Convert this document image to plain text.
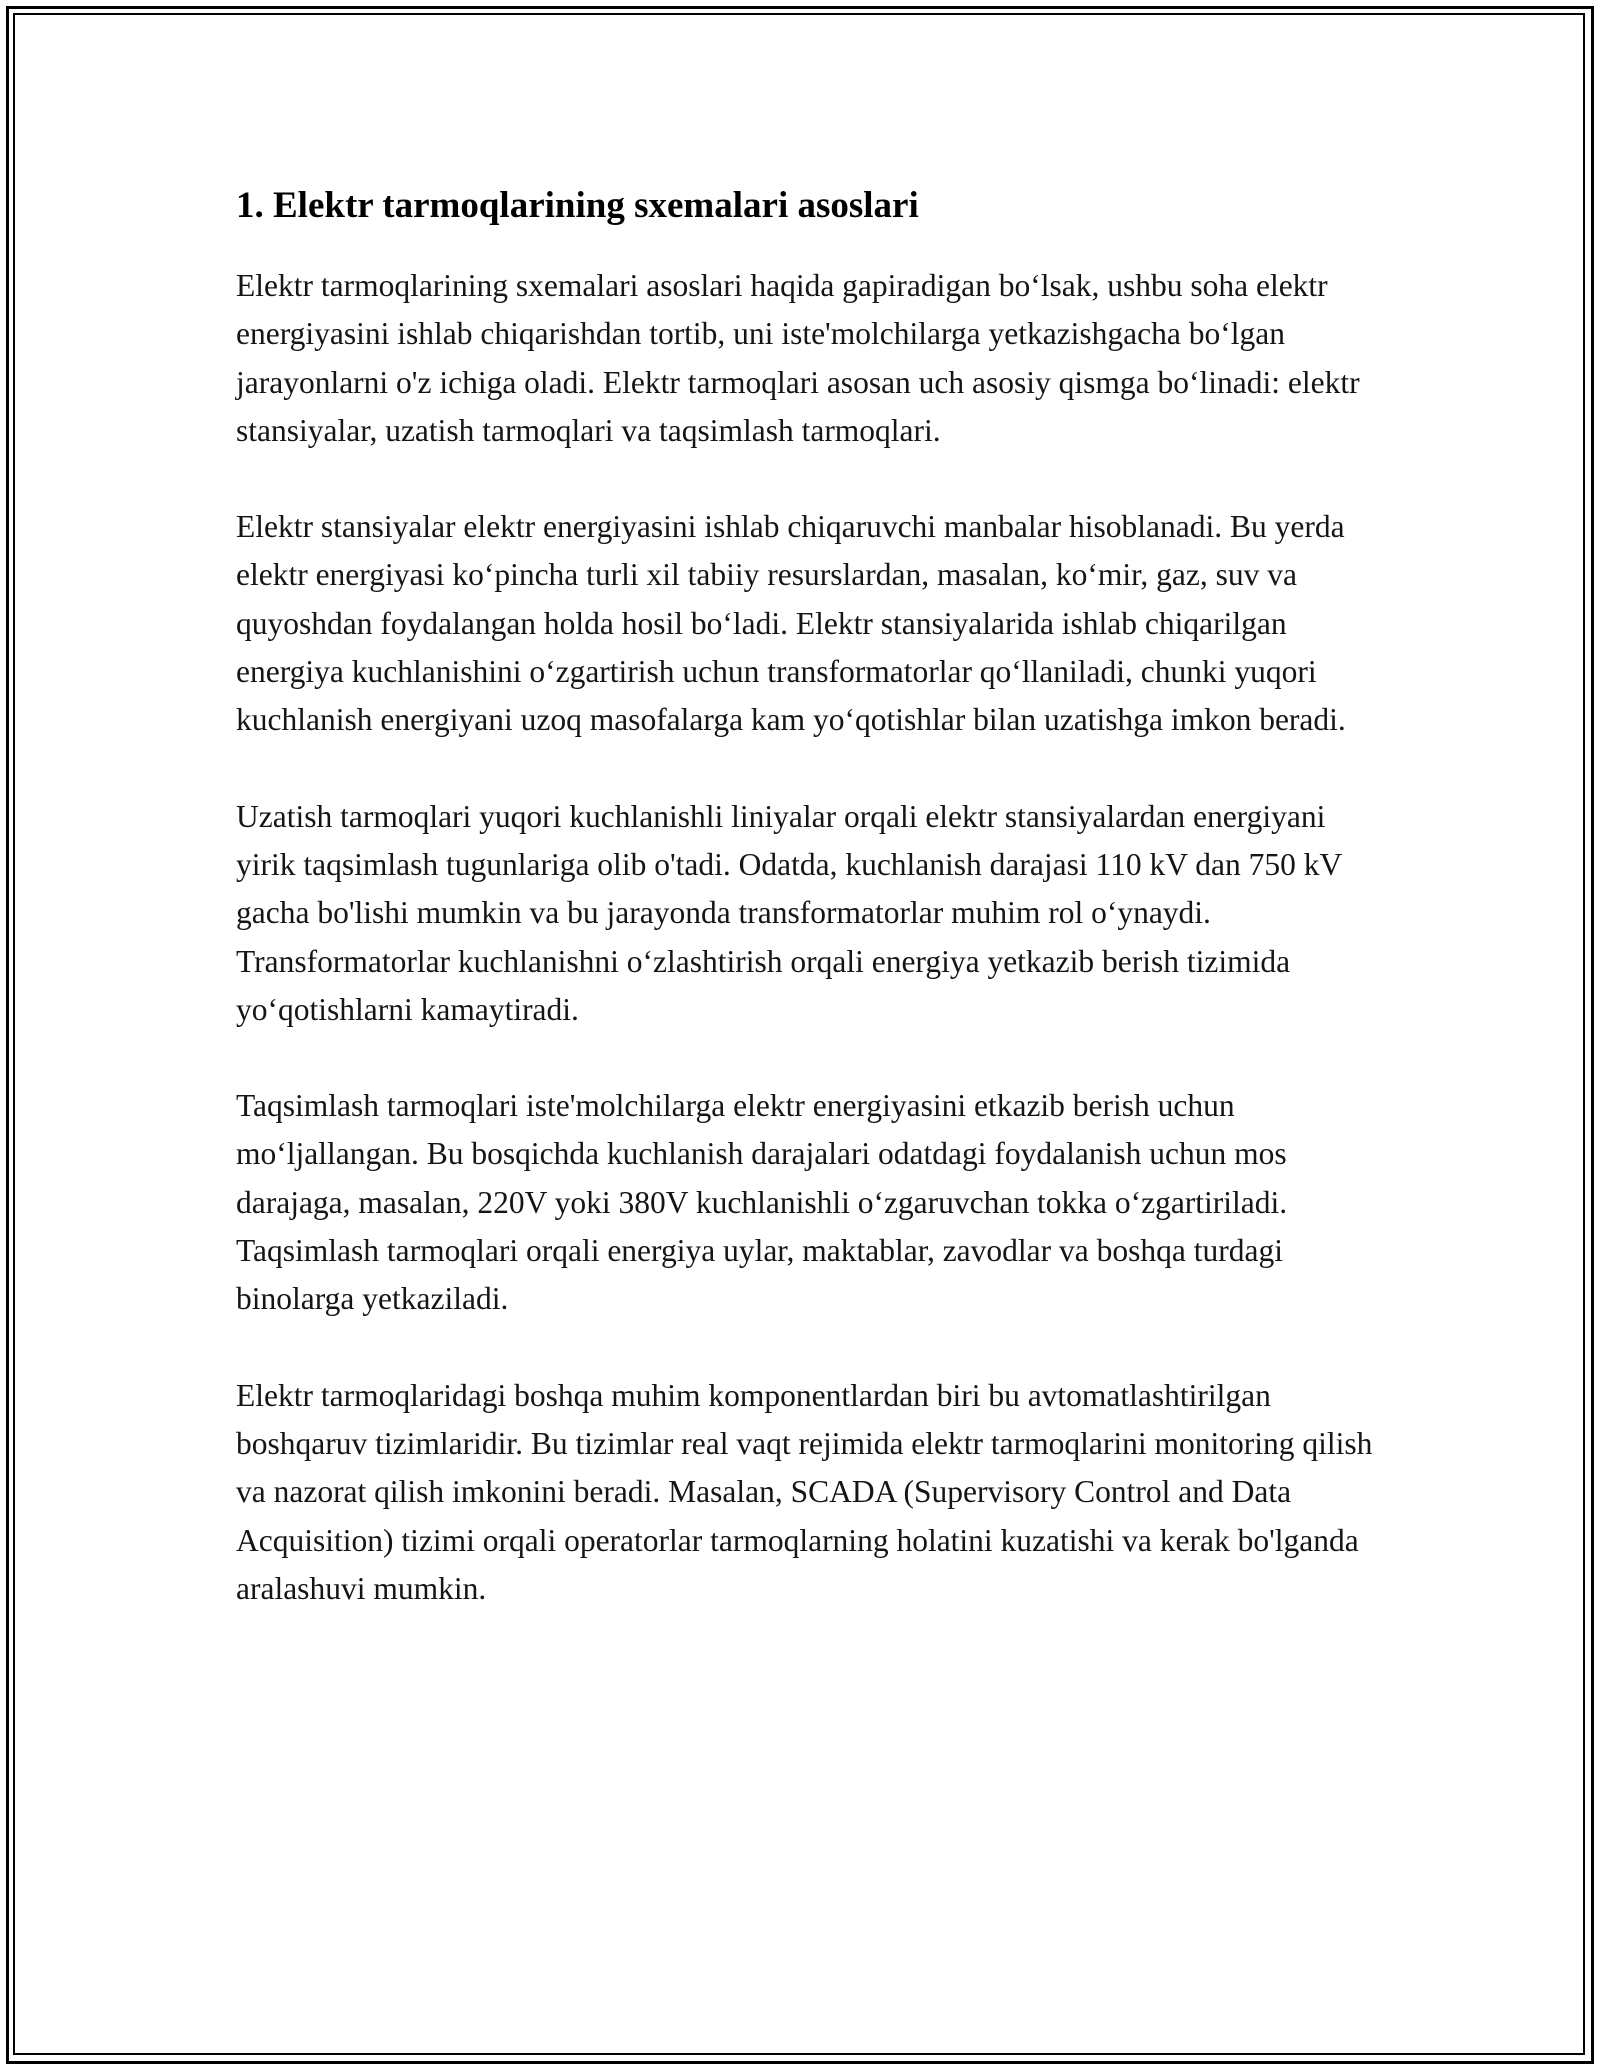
1. Elektr tarmoqlarining sxemalari asoslari

Elektr tarmoqlarining sxemalari asoslari haqida gapiradigan bo‘lsak, ushbu soha elektr energiyasini ishlab chiqarishdan tortib, uni iste'molchilarga yetkazishgacha bo‘lgan jarayonlarni o'z ichiga oladi. Elektr tarmoqlari asosan uch asosiy qismga bo‘linadi: elektr stansiyalar, uzatish tarmoqlari va taqsimlash tarmoqlari.

Elektr stansiyalar elektr energiyasini ishlab chiqaruvchi manbalar hisoblanadi. Bu yerda elektr energiyasi ko‘pincha turli xil tabiiy resurslardan, masalan, ko‘mir, gaz, suv va quyoshdan foydalangan holda hosil bo‘ladi. Elektr stansiyalarida ishlab chiqarilgan energiya kuchlanishini o‘zgartirish uchun transformatorlar qo‘llaniladi, chunki yuqori kuchlanish energiyani uzoq masofalarga kam yo‘qotishlar bilan uzatishga imkon beradi.

Uzatish tarmoqlari yuqori kuchlanishli liniyalar orqali elektr stansiyalardan energiyani yirik taqsimlash tugunlariga olib o'tadi. Odatda, kuchlanish darajasi 110 kV dan 750 kV gacha bo'lishi mumkin va bu jarayonda transformatorlar muhim rol o‘ynaydi. Transformatorlar kuchlanishni o‘zlashtirish orqali energiya yetkazib berish tizimida yo‘qotishlarni kamaytiradi.

Taqsimlash tarmoqlari iste'molchilarga elektr energiyasini etkazib berish uchun mo‘ljallangan. Bu bosqichda kuchlanish darajalari odatdagi foydalanish uchun mos darajaga, masalan, 220V yoki 380V kuchlanishli o‘zgaruvchan tokka o‘zgartiriladi. Taqsimlash tarmoqlari orqali energiya uylar, maktablar, zavodlar va boshqa turdagi binolarga yetkaziladi.

Elektr tarmoqlaridagi boshqa muhim komponentlardan biri bu avtomatlashtirilgan boshqaruv tizimlaridir. Bu tizimlar real vaqt rejimida elektr tarmoqlarini monitoring qilish va nazorat qilish imkonini beradi. Masalan, SCADA (Supervisory Control and Data Acquisition) tizimi orqali operatorlar tarmoqlarning holatini kuzatishi va kerak bo'lganda aralashuvi mumkin.
